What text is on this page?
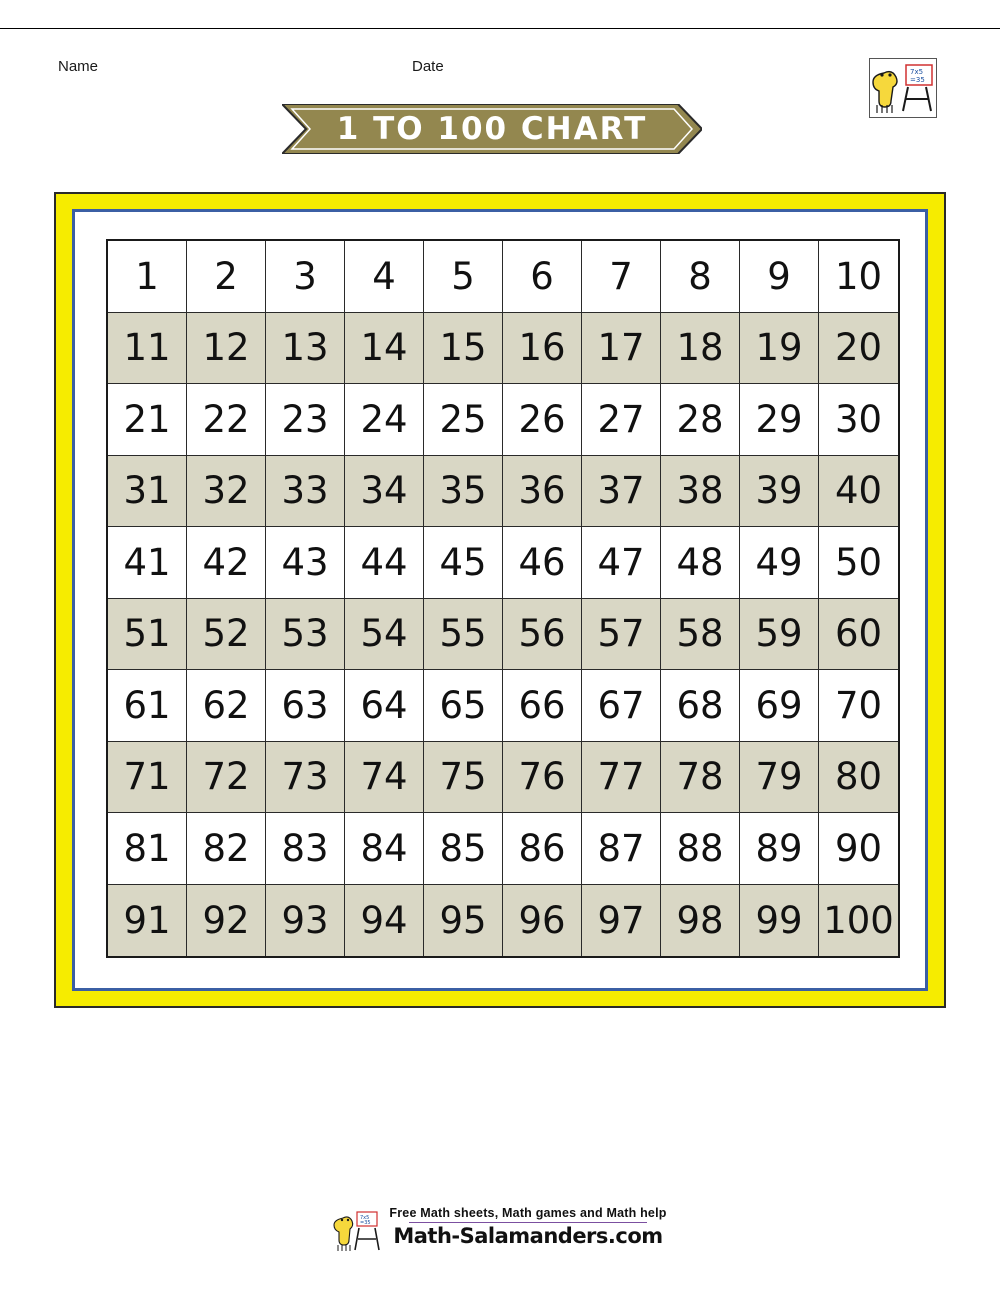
Name	Date	7x5
=35
1 TO 100 CHART
1	2	3	4	5	6	7	8	9	10
11 12 13 14 15 16 17 18 19 20
21 22 23 24 25 26 27 28 29 30
31 32 33 34 35 36 37 38 39 40
41 42 43 44 45 46 47 48 49 50
51 52 53 54 55 56 57 58 59 60
61 62 63 64 65 66 67 68 69 70
71 72 73 74 75 76 77 78 79 80
81 82 83 84 85 86 87 88 89 90
91 92 93 94 95 96 97 98 99 100
7x5
=35
Free Math sheets, Math games and Math help
Math-Salamanders.com
